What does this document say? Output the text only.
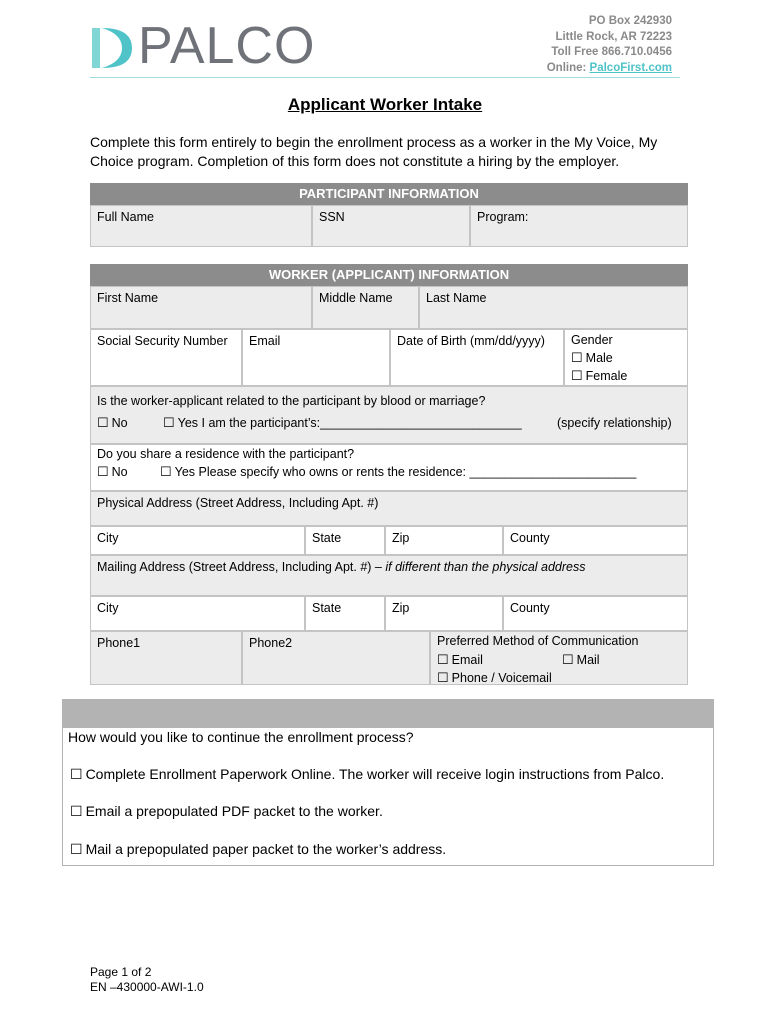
PALCO	PO Box 242930
Little Rock, AR 72223
Toll Free 866.710.0456
Online: PalcoFirst.com
Applicant Worker Intake
Complete this form entirely to begin the enrollment process as a worker in the My Voice, My Choice program. Completion of this form does not constitute a hiring by the employer.
PARTICIPANT INFORMATION
Full Name	SSN	Program:
WORKER (APPLICANT) INFORMATION
First Name	Middle Name	Last Name
Social Security Number	Email	Date of Birth (mm/dd/yyyy)	Gender
☐ Male
☐ Female
Is the worker-applicant related to the participant by blood or marriage?
☐ No	☐ Yes I am the participant’s:_____________________________	(specify relationship)
Do you share a residence with the participant?
☐ No ☐ Yes Please specify who owns or rents the residence: ________________________
Physical Address (Street Address, Including Apt. #)
City	State	Zip	County
Mailing Address (Street Address, Including Apt. #) – if different than the physical address
City	State	Zip	County
Phone1	Phone2	Preferred Method of Communication
☐ Email	☐ Mail
☐ Phone / Voicemail
How would you like to continue the enrollment process?
☐ Complete Enrollment Paperwork Online. The worker will receive login instructions from Palco.
☐ Email a prepopulated PDF packet to the worker.
☐ Mail a prepopulated paper packet to the worker’s address.
Page 1 of 2
EN –430000-AWI-1.0
